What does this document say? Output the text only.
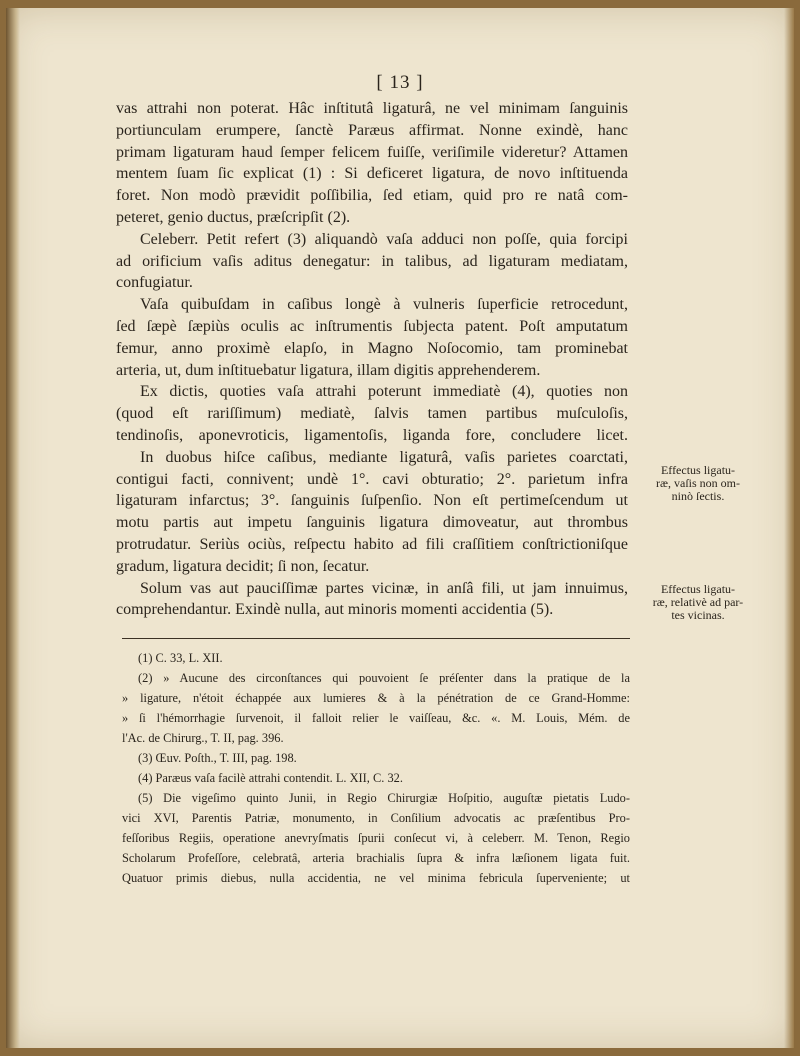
[ 13 ]
vas attrahi non poterat. Hâc inſtitutâ ligaturâ, ne vel minimam ſanguinis
portiunculam erumpere, ſanctè Paræus affirmat. Nonne exindè, hanc
primam ligaturam haud ſemper felicem fuiſſe, veriſimile videretur? Attamen
mentem ſuam ſic explicat (1) : Si deficeret ligatura, de novo inſtituenda
foret. Non modò prævidit poſſibilia, ſed etiam, quid pro re natâ com-
peteret, genio ductus, præſcripſit (2).
Celeberr. Petit refert (3) aliquandò vaſa adduci non poſſe, quia forcipi
ad orificium vaſis aditus denegatur: in talibus, ad ligaturam mediatam,
confugiatur.
Vaſa quibuſdam in caſibus longè à vulneris ſuperficie retrocedunt,
ſed ſæpè ſæpiùs oculis ac inſtrumentis ſubjecta patent. Poſt amputatum
femur, anno proximè elapſo, in Magno Noſocomio, tam prominebat
arteria, ut, dum inſtituebatur ligatura, illam digitis apprehenderem.
Ex dictis, quoties vaſa attrahi poterunt immediatè (4), quoties non
(quod eſt rariſſimum) mediatè, ſalvis tamen partibus muſculoſis,
tendinoſis, aponevroticis, ligamentoſis, liganda fore, concludere licet.
In duobus hiſce caſibus, mediante ligaturâ, vaſis parietes coarctati,
contigui facti, connivent; undè 1°. cavi obturatio; 2°. parietum infra
ligaturam infarctus; 3°. ſanguinis ſuſpenſio. Non eſt pertimeſcendum ut
motu partis aut impetu ſanguinis ligatura dimoveatur, aut thrombus
protrudatur. Seriùs ociùs, reſpectu habito ad fili craſſitiem conſtrictioniſque
gradum, ligatura decidit; ſi non, ſecatur.
Solum vas aut pauciſſimæ partes vicinæ, in anſâ fili, ut jam innuimus,
comprehendantur. Exindè nulla, aut minoris momenti accidentia (5).
Effectus ligatu-
ræ, vaſis non om-
ninò ſectis.
Effectus ligatu-
ræ, relativè ad par-
tes vicinas.
(1) C. 33, L. XII.
(2) » Aucune des circonſtances qui pouvoient ſe préſenter dans la pratique de la
» ligature, n'étoit échappée aux lumieres & à la pénétration de ce Grand-Homme:
» ſi l'hémorrhagie ſurvenoit, il falloit relier le vaiſſeau, &c. «. M. Louis, Mém. de
l'Ac. de Chirurg., T. II, pag. 396.
(3) Œuv. Poſth., T. III, pag. 198.
(4) Paræus vaſa facilè attrahi contendit. L. XII, C. 32.
(5) Die vigeſimo quinto Junii, in Regio Chirurgiæ Hoſpitio, auguſtæ pietatis Ludo-
vici XVI, Parentis Patriæ, monumento, in Conſilium advocatis ac præſentibus Pro-
feſſoribus Regiis, operatione anevryſmatis ſpurii conſecut vi, à celeberr. M. Tenon, Regio
Scholarum Profeſſore, celebratâ, arteria brachialis ſupra & infra læſionem ligata fuit.
Quatuor primis diebus, nulla accidentia, ne vel minima febricula ſuperveniente; ut
